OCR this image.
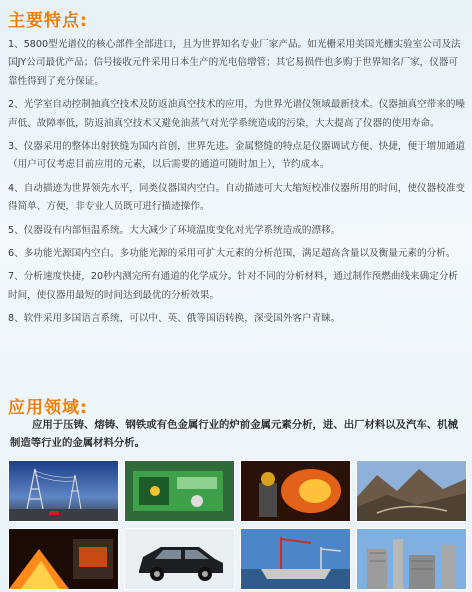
主要特点:

1、5800型光谱仪的核心部件全部进口，且为世界知名专业厂家产品。如光栅采用美国光栅实验室公司及法国JY公司最优产品；信号接收元件采用日本生产的光电倍增管；其它易损件也多购于世界知名厂家，仪器可靠性得到了充分保证。

2、光学室自动控制抽真空技术及防返油真空技术的应用，为世界光谱仪领域最新技术。仪器抽真空带来的噪声低、故障率低，防返油真空技术又避免油蒸气对光学系统造成的污染，大大提高了仪器的使用寿命。

3、仪器采用的整体出射狭缝为国内首创，世界先进。金属整缝的特点是仪器调试方便、快捷，便于增加通道（用户可仅考虑目前应用的元素，以后需要的通道可随时加上），节约成本。

4、自动描迹为世界领先水平，同类仪器国内空白。自动描迹可大大缩短校准仪器所用的时间，使仪器校准变得简单、方便，非专业人员既可进行描迹操作。

5、仪器设有内部恒温系统。大大减少了环境温度变化对光学系统造成的漂移。

6、多功能光源国内空白。多功能光源的采用可扩大元素的分析范围，满足超高含量以及衡量元素的分析。

7、分析速度快捷，20秒内测完所有通道的化学成分。针对不同的分析材料，通过制作预燃曲线来确定分析时间，使仪器用最短的时间达到最优的分析效果。

8、软件采用多国语言系统，可以中、英、俄等国语转换，深受国外客户青睐。

应用领域:
应用于压铸、熔铸、钢铁或有色金属行业的炉前金属元素分析，进、出厂材料以及汽车、机械制造等行业的金属材料分析。
